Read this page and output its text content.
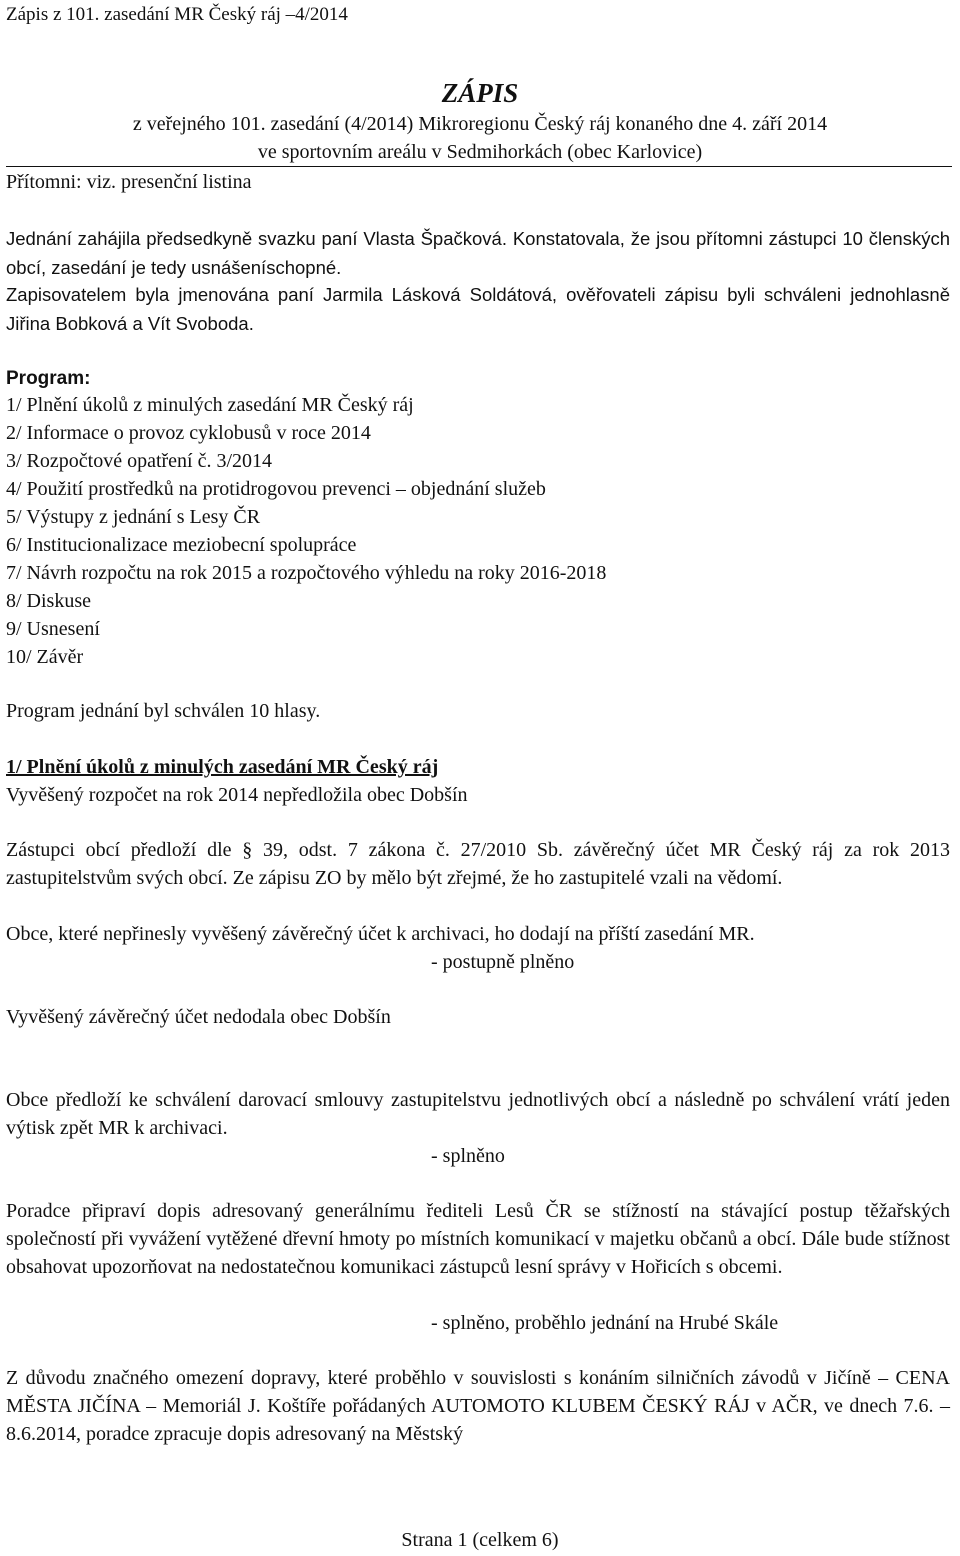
Zápis z 101. zasedání MR Český ráj –4/2014
ZÁPIS
z veřejného 101. zasedání (4/2014) Mikroregionu Český ráj konaného dne 4. září 2014
ve sportovním areálu v Sedmihorkách (obec Karlovice)
Přítomni: viz. presenční listina
Jednání zahájila předsedkyně svazku paní Vlasta Špačková. Konstatovala, že jsou přítomni zástupci 10 členských obcí, zasedání je tedy usnášeníschopné.
Zapisovatelem byla jmenována paní Jarmila Lásková Soldátová, ověřovateli zápisu byli schváleni jednohlasně Jiřina Bobková a Vít Svoboda.
Program:
1/ Plnění úkolů z minulých zasedání MR Český ráj
2/ Informace o provoz cyklobusů v roce 2014
3/ Rozpočtové opatření č. 3/2014
4/ Použití prostředků na protidrogovou prevenci – objednání služeb
5/ Výstupy z jednání s Lesy ČR
6/ Institucionalizace meziobecní spolupráce
7/ Návrh rozpočtu na rok 2015 a rozpočtového výhledu na roky 2016-2018
8/ Diskuse
9/ Usnesení
10/ Závěr
Program jednání byl schválen 10 hlasy.
1/ Plnění úkolů z minulých zasedání MR Český ráj
Vyvěšený rozpočet na rok 2014 nepředložila obec Dobšín
Zástupci obcí předloží dle § 39, odst. 7 zákona č. 27/2010 Sb. závěrečný účet MR Český ráj za rok 2013 zastupitelstvům svých obcí. Ze zápisu ZO by mělo být zřejmé, že ho zastupitelé vzali na vědomí.
Obce, které nepřinesly vyvěšený závěrečný účet k archivaci, ho dodají na příští zasedání MR.
- postupně plněno
Vyvěšený závěrečný účet nedodala obec Dobšín
Obce předloží ke schválení darovací smlouvy zastupitelstvu jednotlivých obcí a následně po schválení vrátí jeden výtisk zpět MR k archivaci.
- splněno
Poradce připraví dopis adresovaný generálnímu řediteli Lesů ČR se stížností na stávající postup těžařských společností při vyvážení vytěžené dřevní hmoty po místních komunikací v majetku občanů a obcí. Dále bude stížnost obsahovat upozorňovat na nedostatečnou komunikaci zástupců lesní správy v Hořicích s obcemi.
- splněno, proběhlo jednání na Hrubé Skále
Z důvodu značného omezení dopravy, které proběhlo v souvislosti s konáním silničních závodů v Jičíně – CENA MĚSTA JIČÍNA – Memoriál J. Koštíře pořádaných AUTOMOTO KLUBEM ČESKÝ RÁJ v AČR, ve dnech 7.6. – 8.6.2014, poradce zpracuje dopis adresovaný na Městský
Strana 1 (celkem 6)
